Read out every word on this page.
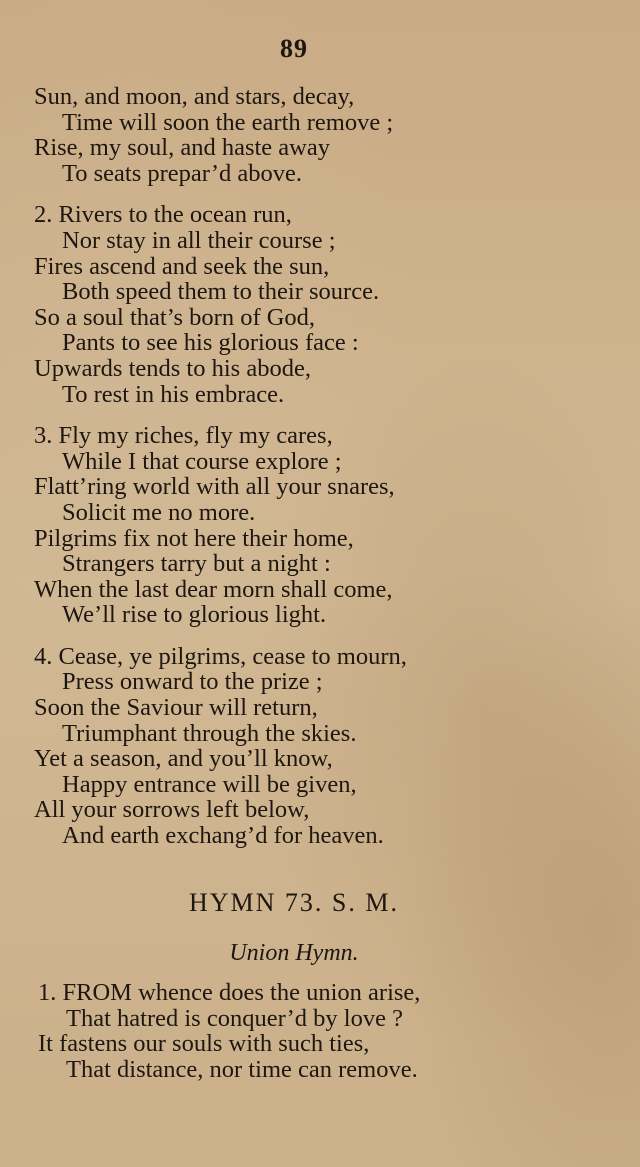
89
Sun, and moon, and stars, decay,
Time will soon the earth remove ;
Rise, my soul, and haste away
To seats prepar’d above.
2. Rivers to the ocean run,
Nor stay in all their course ;
Fires ascend and seek the sun,
Both speed them to their source.
So a soul that’s born of God,
Pants to see his glorious face :
Upwards tends to his abode,
To rest in his embrace.
3. Fly my riches, fly my cares,
While I that course explore ;
Flatt’ring world with all your snares,
Solicit me no more.
Pilgrims fix not here their home,
Strangers tarry but a night :
When the last dear morn shall come,
We’ll rise to glorious light.
4. Cease, ye pilgrims, cease to mourn,
Press onward to the prize ;
Soon the Saviour will return,
Triumphant through the skies.
Yet a season, and you’ll know,
Happy entrance will be given,
All your sorrows left below,
And earth exchang’d for heaven.
HYMN 73. S. M.
Union Hymn.
1. FROM whence does the union arise,
That hatred is conquer’d by love ?
It fastens our souls with such ties,
That distance, nor time can remove.
